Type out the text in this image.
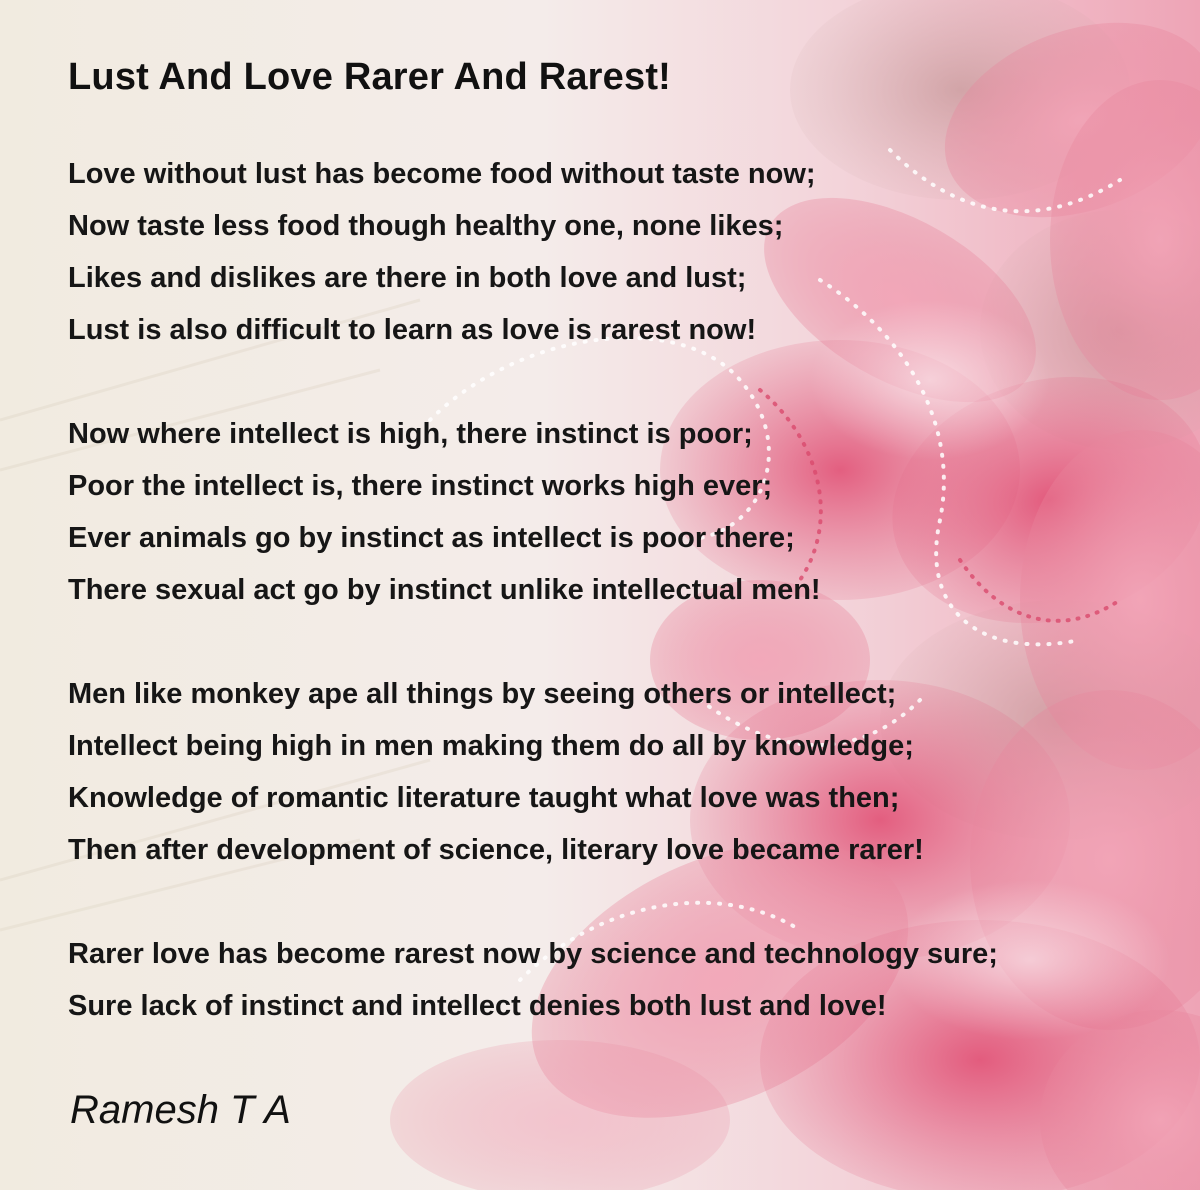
Lust And Love Rarer And Rarest!
Love without lust has become food without taste now;
Now taste less food though healthy one, none likes;
Likes and dislikes are there in both love and lust;
Lust is also difficult to learn as love is rarest now!
Now where intellect is high, there instinct is poor;
Poor the intellect is, there instinct works high ever;
Ever animals go by instinct as intellect is poor there;
There sexual act go by instinct unlike intellectual men!
Men like monkey ape all things by seeing others or intellect;
Intellect being high in men making them do all by knowledge;
Knowledge of romantic literature taught what love was then;
Then after development of science, literary love became rarer!
Rarer love has become rarest now by science and technology sure;
Sure lack of instinct and intellect denies both lust and love!
Ramesh T A
